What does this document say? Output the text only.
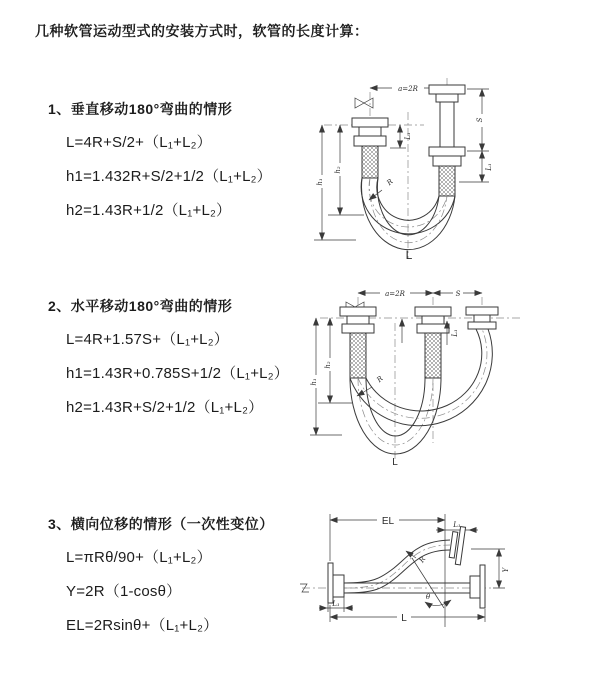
几种软管运动型式的安装方式时，软管的长度计算：
1、垂直移动180°弯曲的情形
L=4R+S/2+（L₁+L₂）
h1=1.432R+S/2+1/2（L₁+L₂）
h2=1.43R+1/2（L₁+L₂）
2、水平移动180°弯曲的情形
L=4R+1.57S+（L₁+L₂）
h1=1.43R+0.785S+1/2（L₁+L₂）
h2=1.43R+S/2+1/2（L₁+L₂）
3、横向位移的情形（一次性变位）
L=πRθ/90+（L₁+L₂）
Y=2R（1-cosθ）
EL=2Rsinθ+（L₁+L₂）
a=2R
h₂
h₁
L₁
S
L₁
R
L
a=2R	S
L₁
h₂
h₁	R
L
EL	L₁
Y
θ
R
L
L₁
